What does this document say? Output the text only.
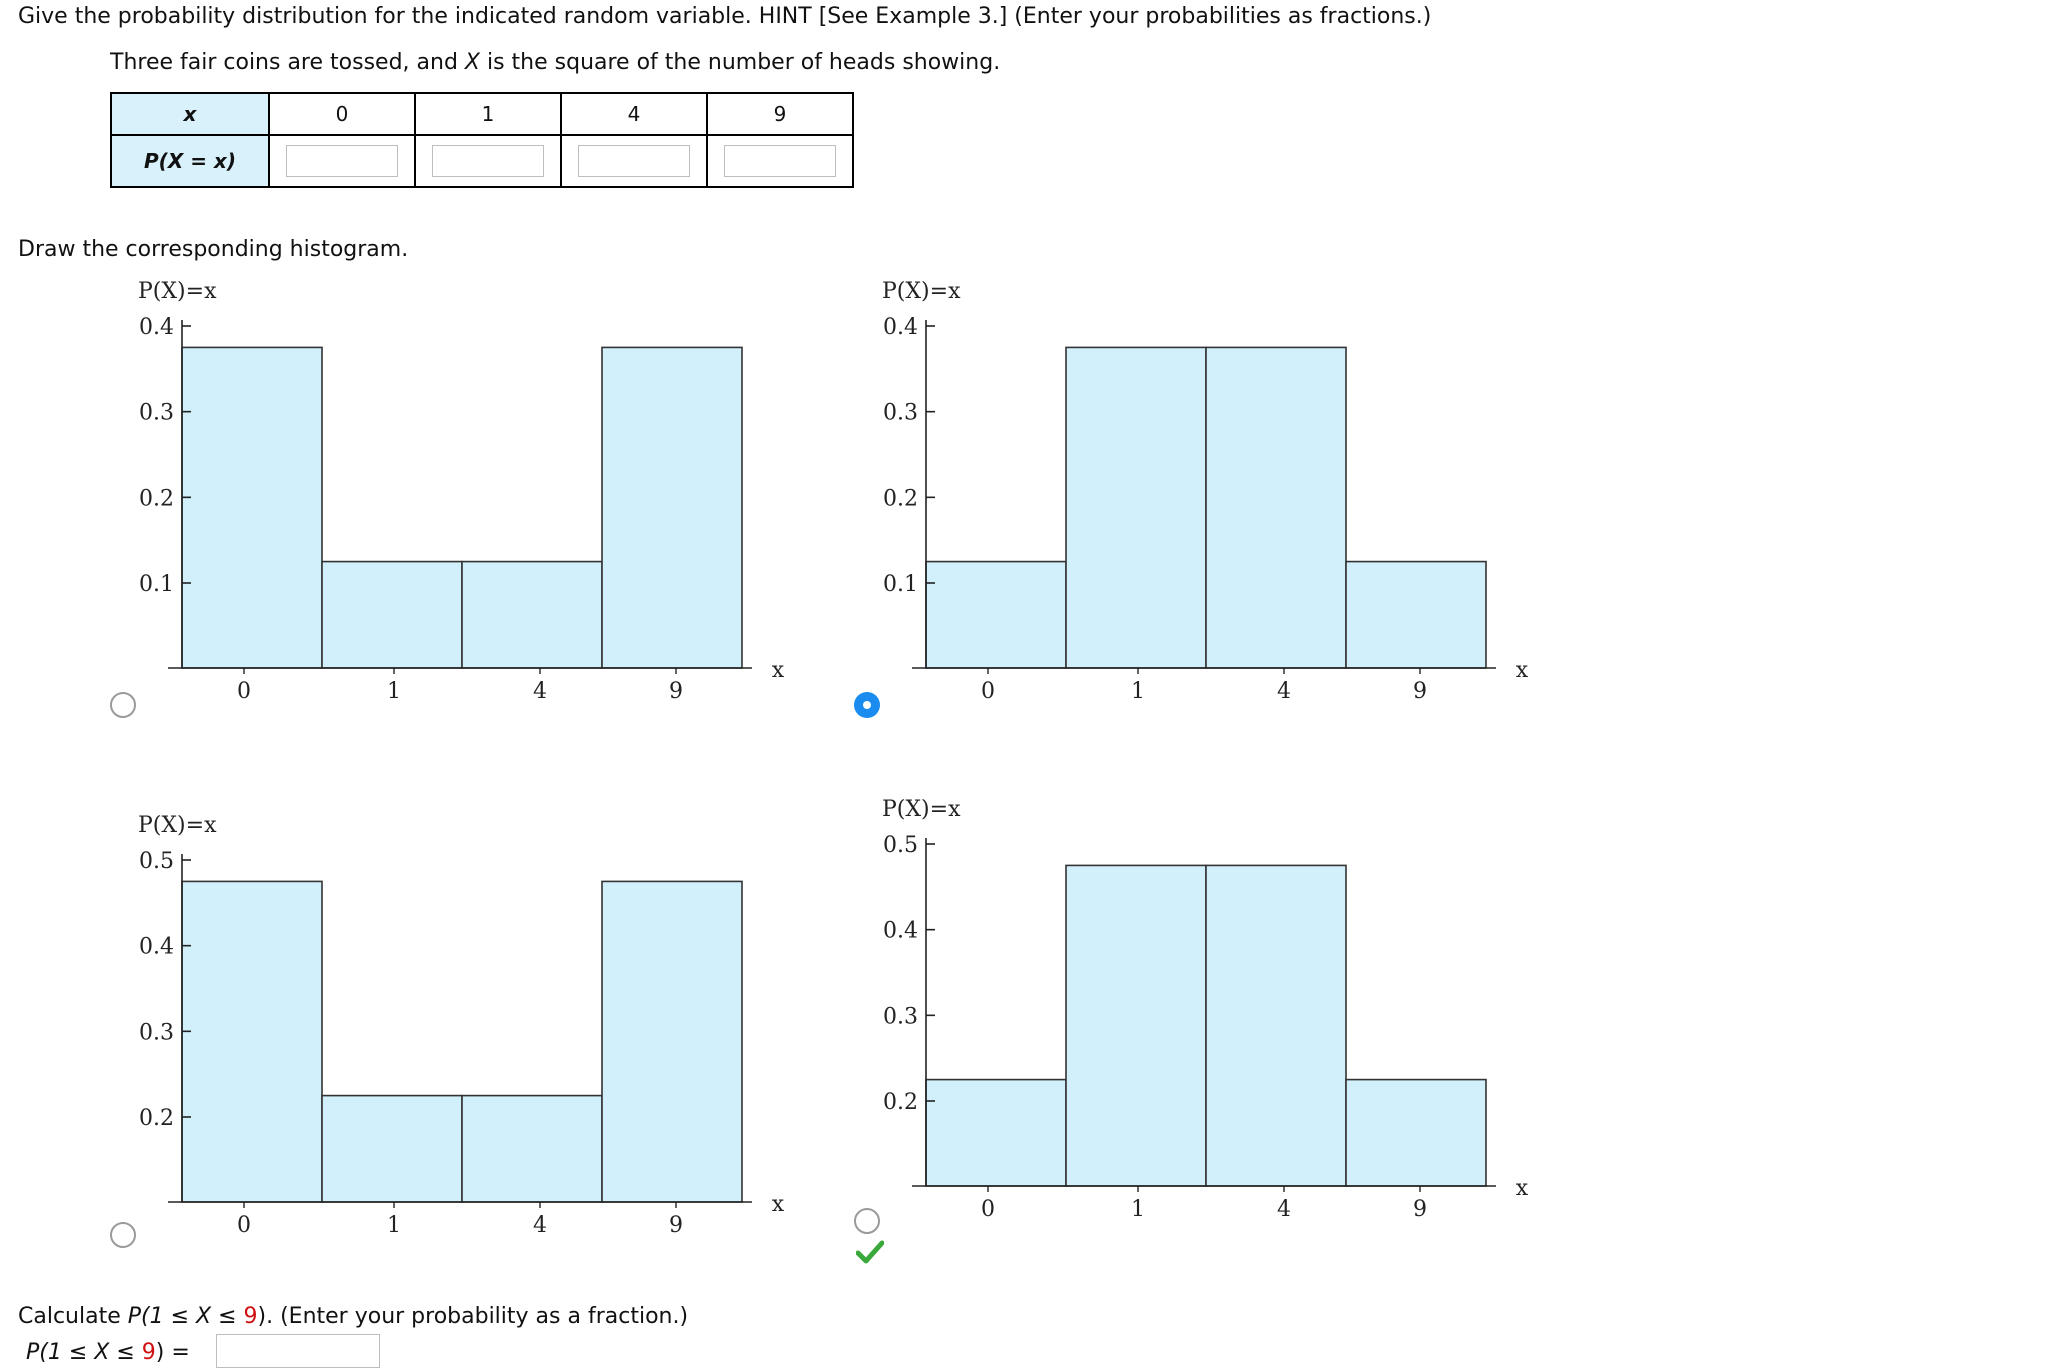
Give the probability distribution for the indicated random variable. HINT [See Example 3.] (Enter your probabilities as fractions.)
Three fair coins are tossed, and X is the square of the number of heads showing.
x	0	1	4	9
P(X = x)	

Draw the corresponding histogram.
P(X)=x
0.1
0.2
0.3
0.4
0	1	4	9
x
P(X)=x
0.1
0.2
0.3
0.4
0	1	4	9
x
P(X)=x
0.2
0.3
0.4
0.5
0	1	4	9
x
P(X)=x
0.2
0.3
0.4
0.5
0	1	4	9
x
Calculate P(1 ≤ X ≤ 9). (Enter your probability as a fraction.)
P(1 ≤ X ≤ 9) =
